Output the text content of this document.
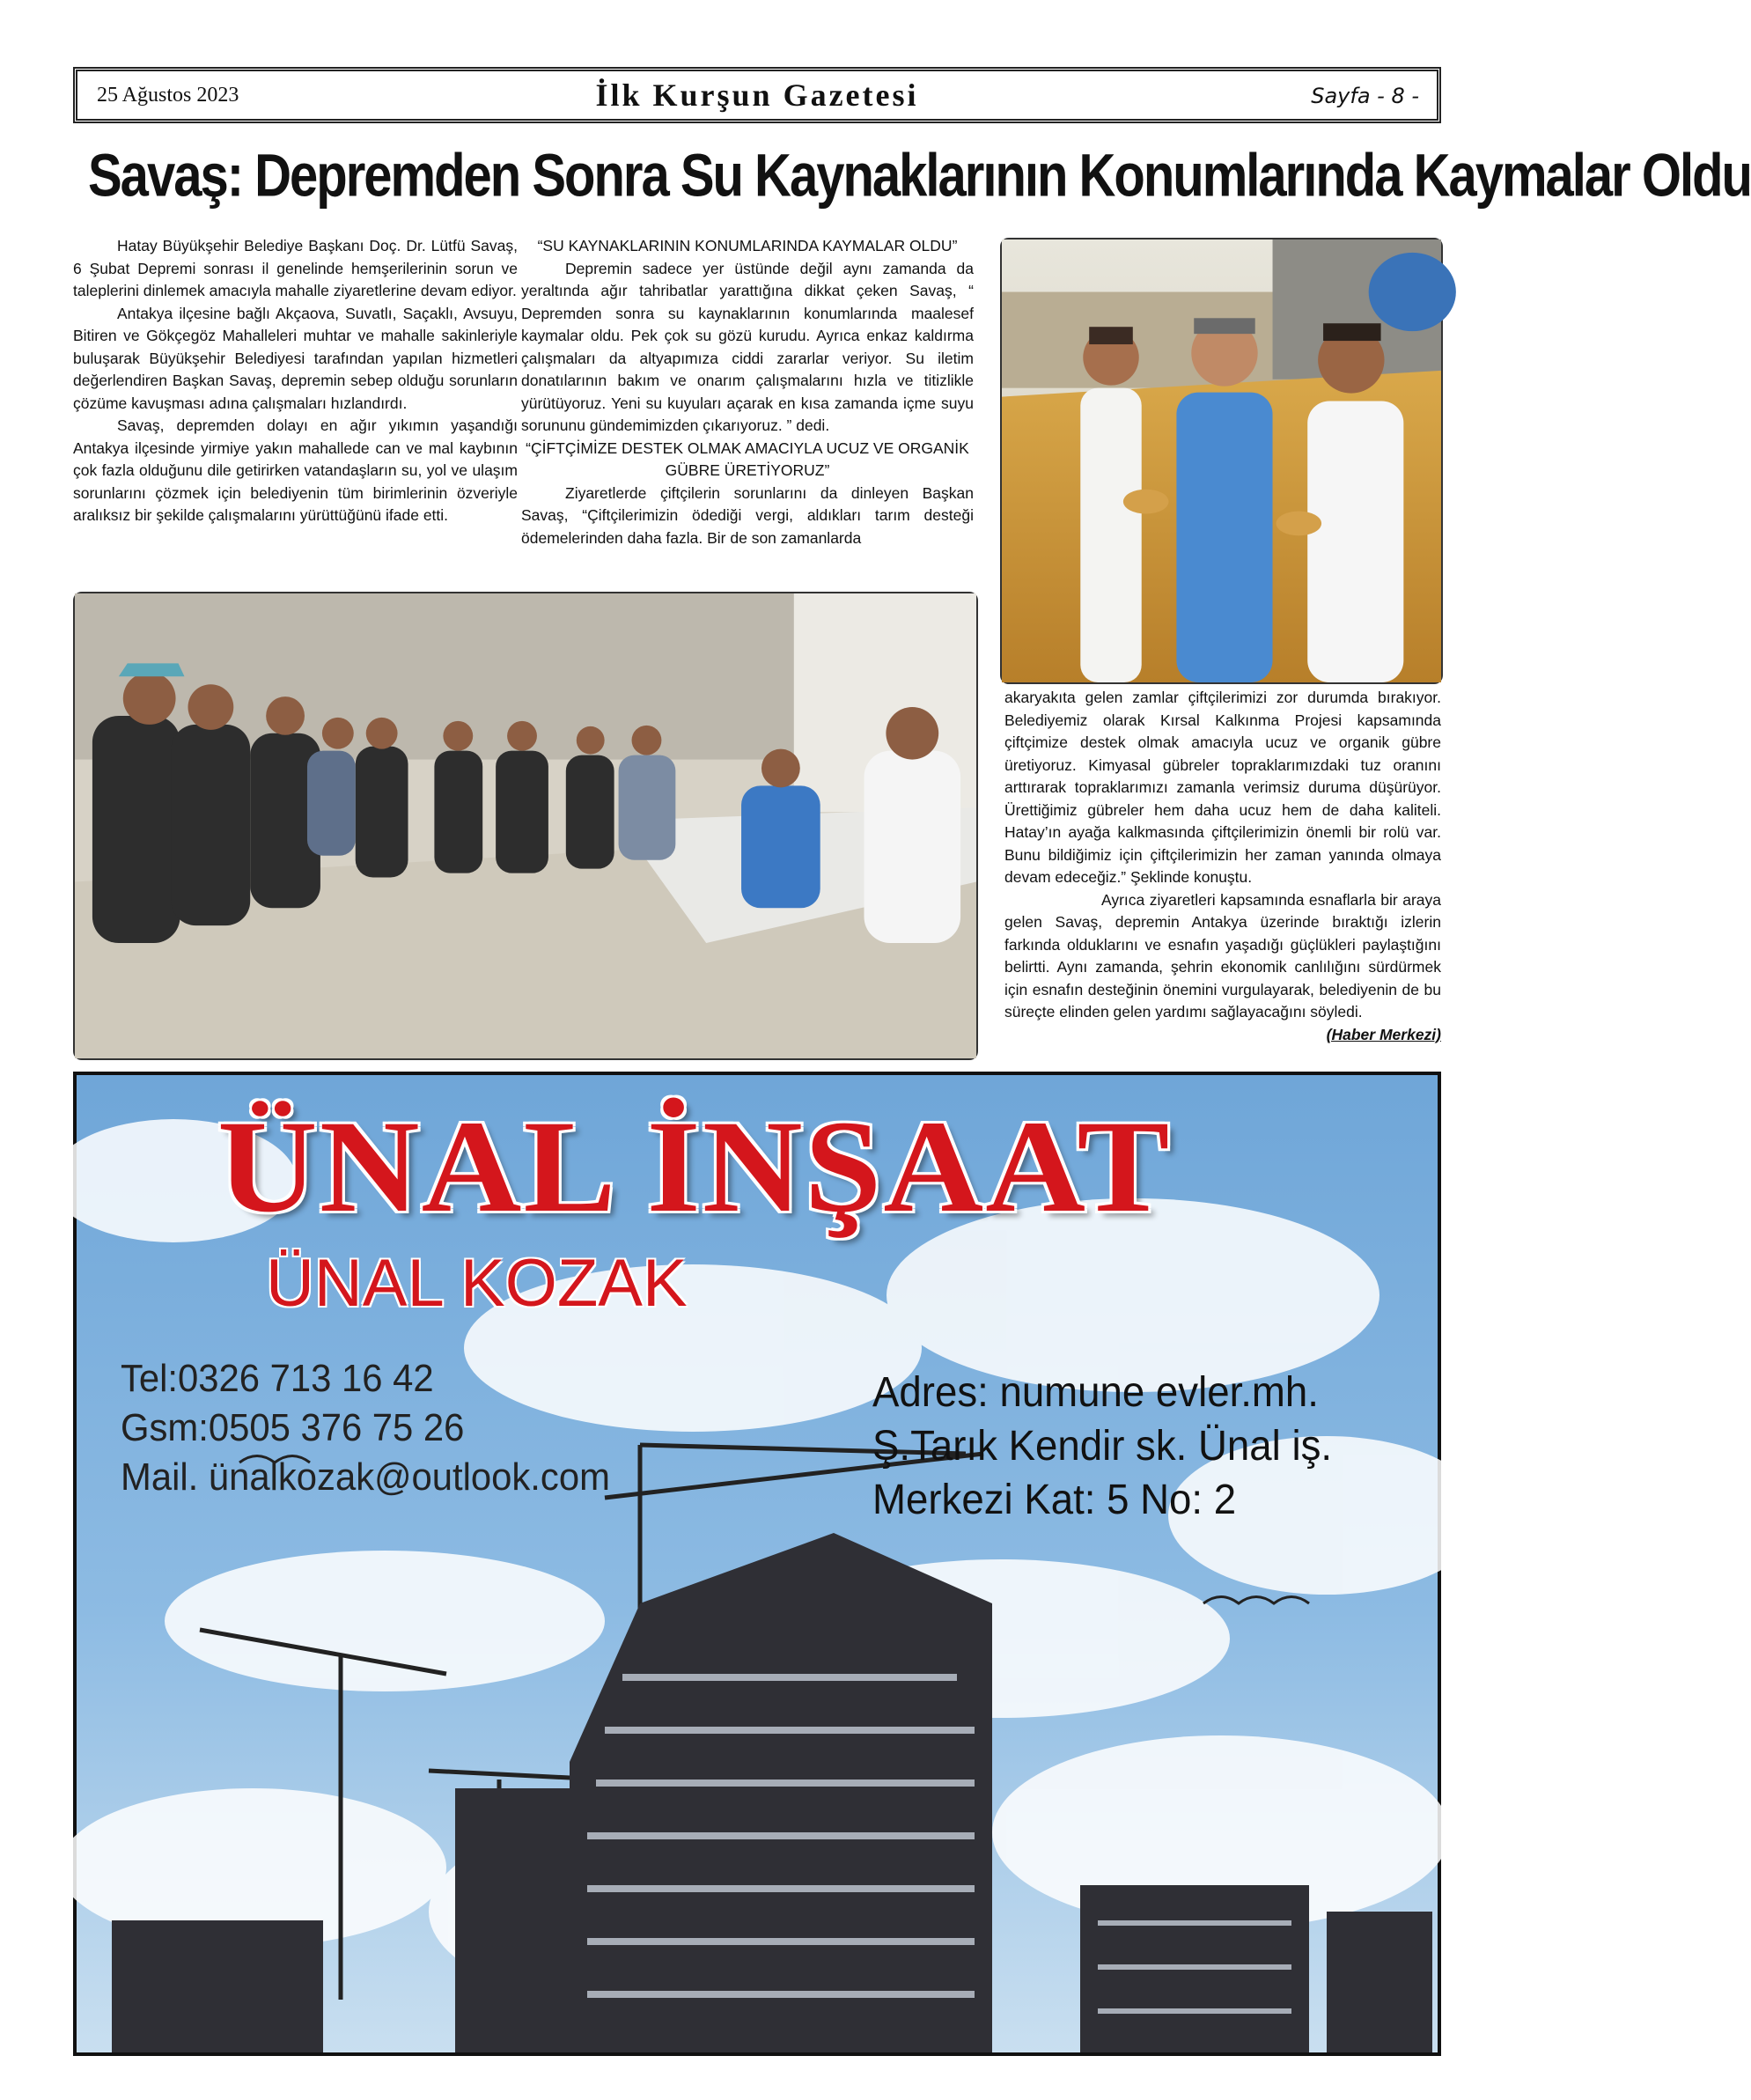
25 Ağustos 2023	İlk Kurşun Gazetesi	Sayfa - 8 -
Savaş: Depremden Sonra Su Kaynaklarının Konumlarında Kaymalar Oldu

Hatay Büyükşehir Belediye Başkanı Doç. Dr. Lütfü Savaş, 6 Şubat Depremi sonrası il genelinde hemşerilerinin sorun ve taleplerini dinlemek amacıyla mahalle ziyaretlerine devam ediyor.

Antakya ilçesine bağlı Akçaova, Suvatlı, Saçaklı, Avsuyu, Bitiren ve Gökçegöz Mahalleleri muhtar ve mahalle sakinleriyle buluşarak Büyükşehir Belediyesi tarafından yapılan hizmetleri değerlendiren Başkan Savaş, depremin sebep olduğu sorunların çözüme kavuşması adına çalışmaları hızlandırdı.

Savaş, depremden dolayı en ağır yıkımın yaşandığı Antakya ilçesinde yirmiye yakın mahallede can ve mal kaybının çok fazla olduğunu dile getirirken vatandaşların su, yol ve ulaşım sorunlarını çözmek için belediyenin tüm birimlerinin özveriyle aralıksız bir şekilde çalışmalarını yürüttüğünü ifade etti.

“SU KAYNAKLARININ KONUMLARINDA KAYMALAR OLDU”

Depremin sadece yer üstünde değil aynı zamanda da yeraltında ağır tahribatlar yarattığına dikkat çeken Savaş, “ Depremden sonra su kaynaklarının konumlarında maalesef kaymalar oldu. Pek çok su gözü kurudu. Ayrıca enkaz kaldırma çalışmaları da altyapımıza ciddi zararlar veriyor. Su iletim donatılarının bakım ve onarım çalışmalarını hızla ve titizlikle yürütüyoruz. Yeni su kuyuları açarak en kısa zamanda içme suyu sorununu gündemimizden çıkarıyoruz. ” dedi.

“ÇİFTÇİMİZE DESTEK OLMAK AMACIYLA UCUZ VE ORGANİK GÜBRE ÜRETİYORUZ”

Ziyaretlerde çiftçilerin sorunlarını da dinleyen Başkan Savaş, “Çiftçilerimizin ödediği vergi, aldıkları tarım desteği ödemelerinden daha fazla. Bir de son zamanlarda

akaryakıta gelen zamlar çiftçilerimizi zor durumda bırakıyor. Belediyemiz olarak Kırsal Kalkınma Projesi kapsamında çiftçimize destek olmak amacıyla ucuz ve organik gübre üretiyoruz. Kimyasal gübreler topraklarımızdaki tuz oranını arttırarak topraklarımızı zamanla verimsiz duruma düşürüyor. Ürettiğimiz gübreler hem daha ucuz hem de daha kaliteli. Hatay’ın ayağa kalkmasında çiftçilerimizin önemli bir rolü var. Bunu bildiğimiz için çiftçilerimizin her zaman yanında olmaya devam edeceğiz.” Şeklinde konuştu.

Ayrıca ziyaretleri kapsamında esnaflarla bir araya gelen Savaş, depremin Antakya üzerinde bıraktığı izlerin farkında olduklarını ve esnafın yaşadığı güçlükleri paylaştığını belirtti. Aynı zamanda, şehrin ekonomik canlılığını sürdürmek için esnafın desteğinin önemini vurgulayarak, belediyenin de bu süreçte elinden gelen yardımı sağlayacağını söyledi.

(Haber Merkezi)
ÜNAL İNŞAAT
ÜNAL KOZAK
Tel:0326 713 16 42
Gsm:0505 376 75 26
Mail. ünalkozak@outlook.com
Adres: numune evler.mh.
Ş.Tarık Kendir sk. Ünal iş.
Merkezi Kat: 5 No: 2
